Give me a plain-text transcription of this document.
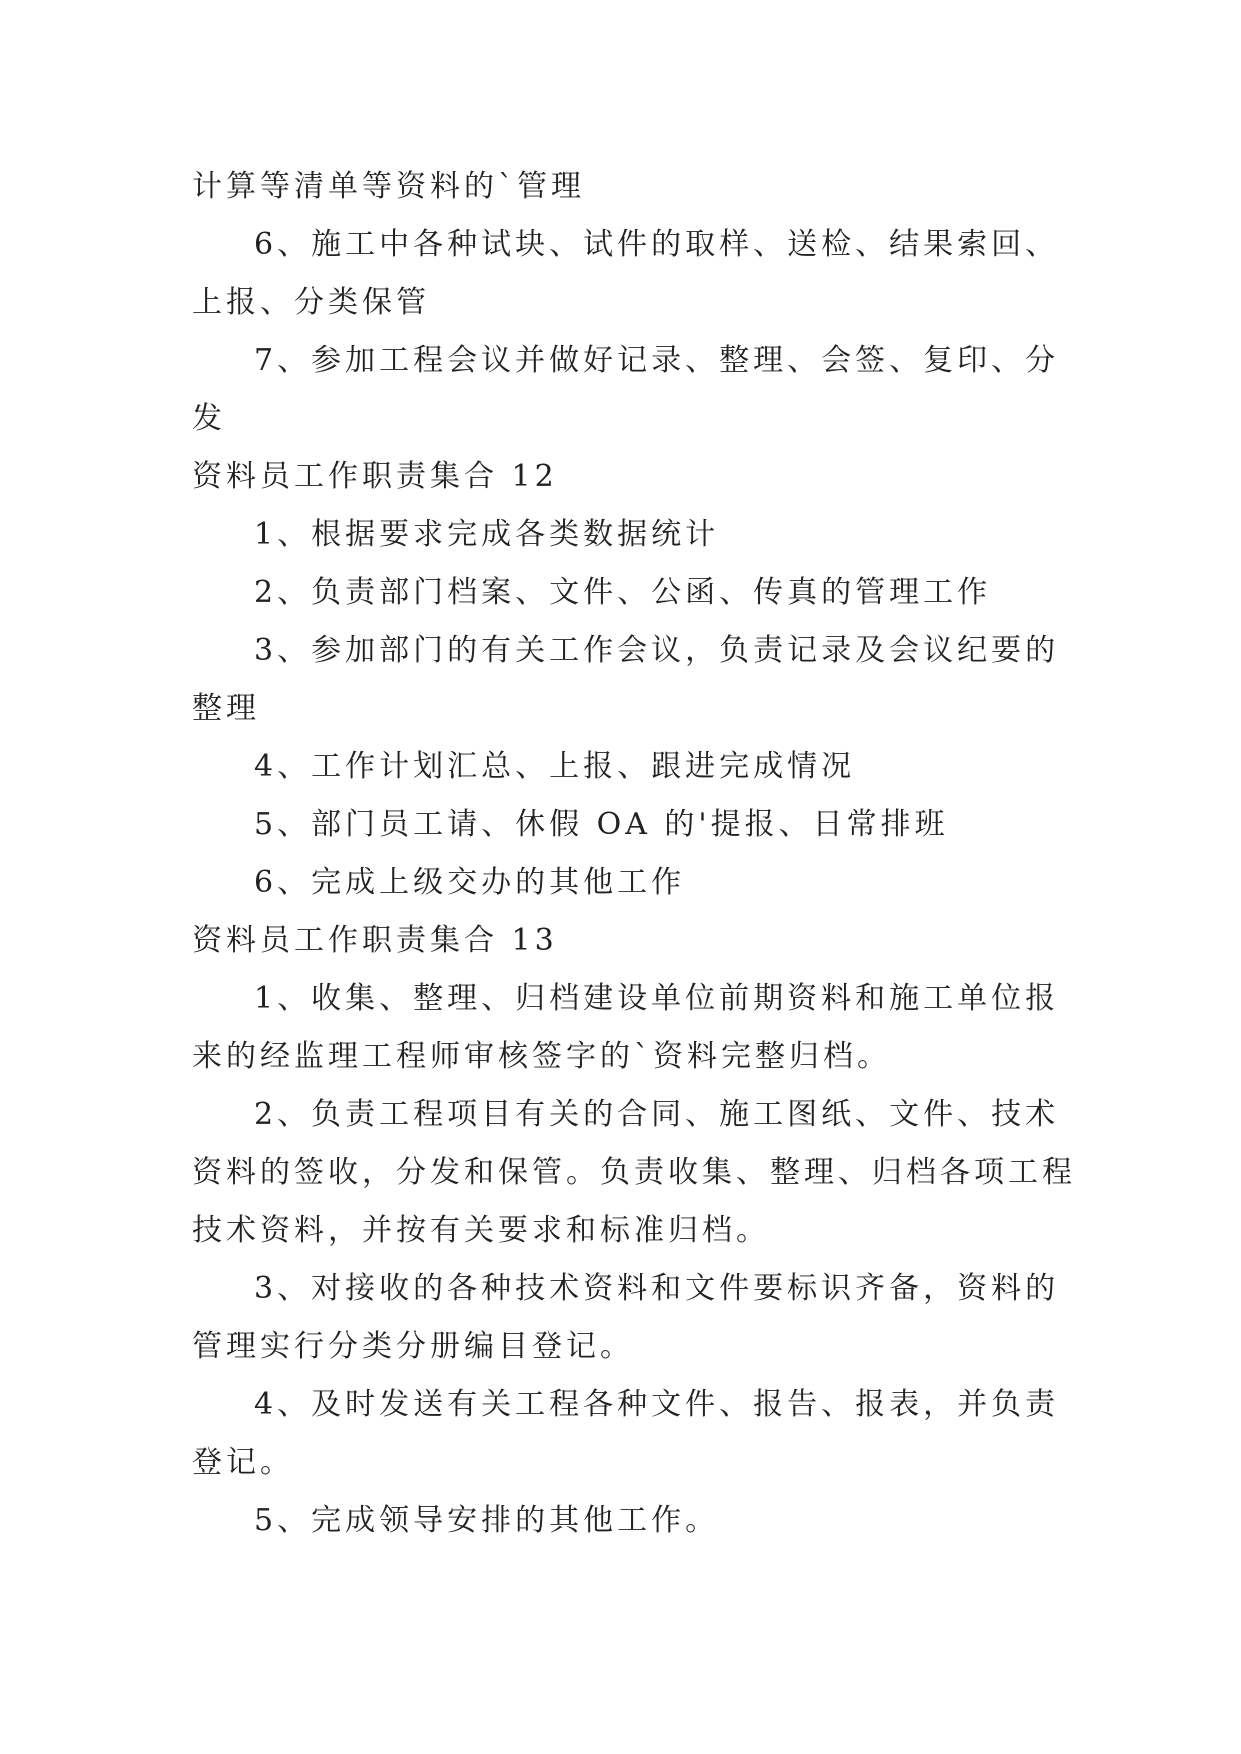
计算等清单等资料的`管理
6、施工中各种试块、试件的取样、送检、结果索回、
上报、分类保管
7、参加工程会议并做好记录、整理、会签、复印、分
发
资料员工作职责集合 12
1、根据要求完成各类数据统计
2、负责部门档案、文件、公函、传真的管理工作
3、参加部门的有关工作会议，负责记录及会议纪要的
整理
4、工作计划汇总、上报、跟进完成情况
5、部门员工请、休假 OA 的'提报、日常排班
6、完成上级交办的其他工作
资料员工作职责集合 13
1、收集、整理、归档建设单位前期资料和施工单位报
来的经监理工程师审核签字的`资料完整归档。
2、负责工程项目有关的合同、施工图纸、文件、技术
资料的签收，分发和保管。负责收集、整理、归档各项工程
技术资料，并按有关要求和标准归档。
3、对接收的各种技术资料和文件要标识齐备，资料的
管理实行分类分册编目登记。
4、及时发送有关工程各种文件、报告、报表，并负责
登记。
5、完成领导安排的其他工作。
